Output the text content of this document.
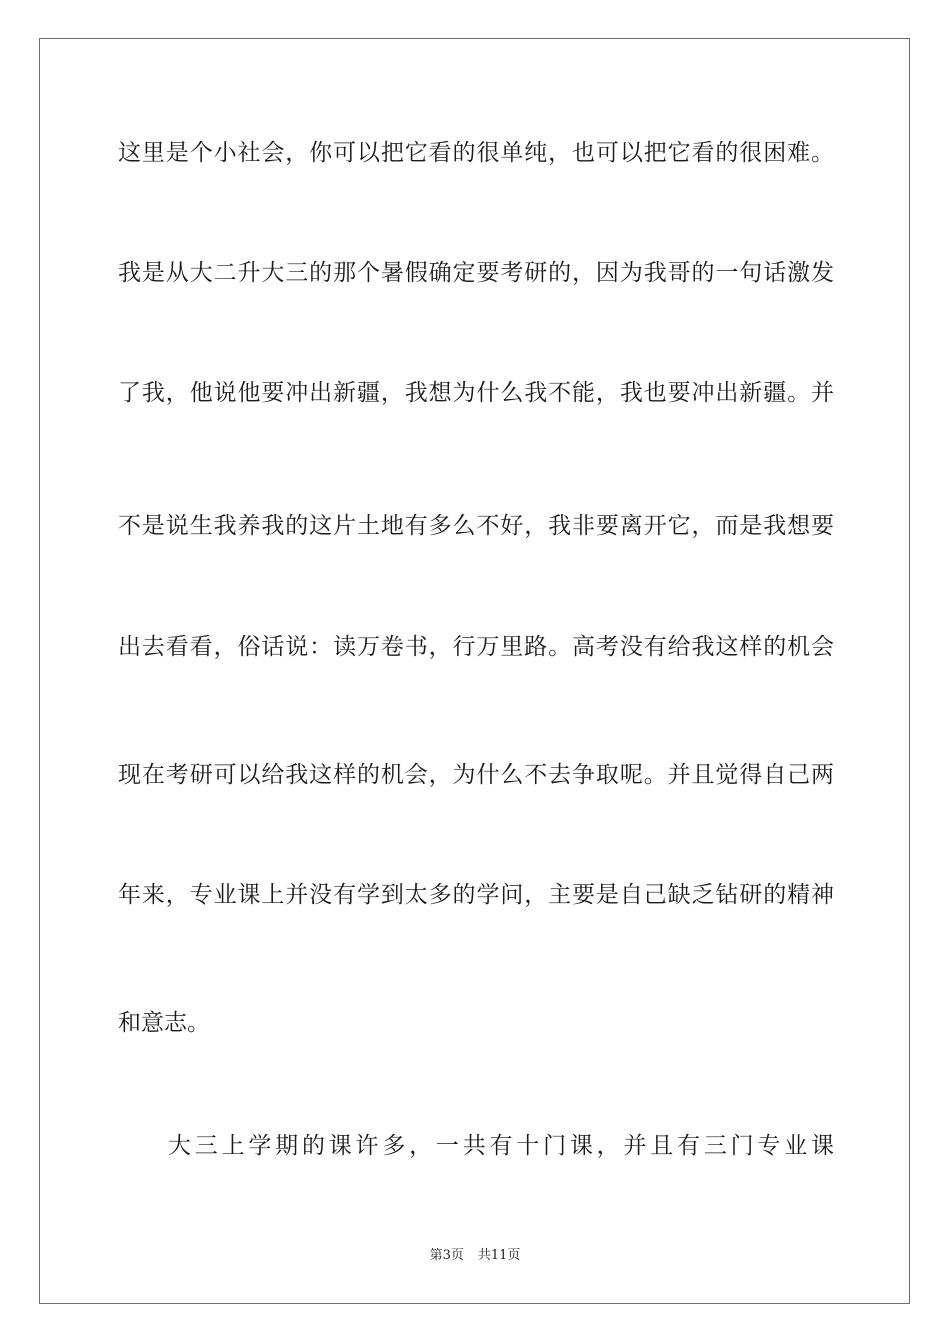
这里是个小社会，你可以把它看的很单纯，也可以把它看的很困难。
我是从大二升大三的那个暑假确定要考研的，因为我哥的一句话激发
了我，他说他要冲出新疆，我想为什么我不能，我也要冲出新疆。并
不是说生我养我的这片土地有多么不好，我非要离开它，而是我想要
出去看看，俗话说：读万卷书，行万里路。高考没有给我这样的机会
现在考研可以给我这样的机会，为什么不去争取呢。并且觉得自己两
年来，专业课上并没有学到太多的学问，主要是自己缺乏钻研的精神
和意志。
大三上学期的课许多，一共有十门课，并且有三门专业课
第3页 共11页
